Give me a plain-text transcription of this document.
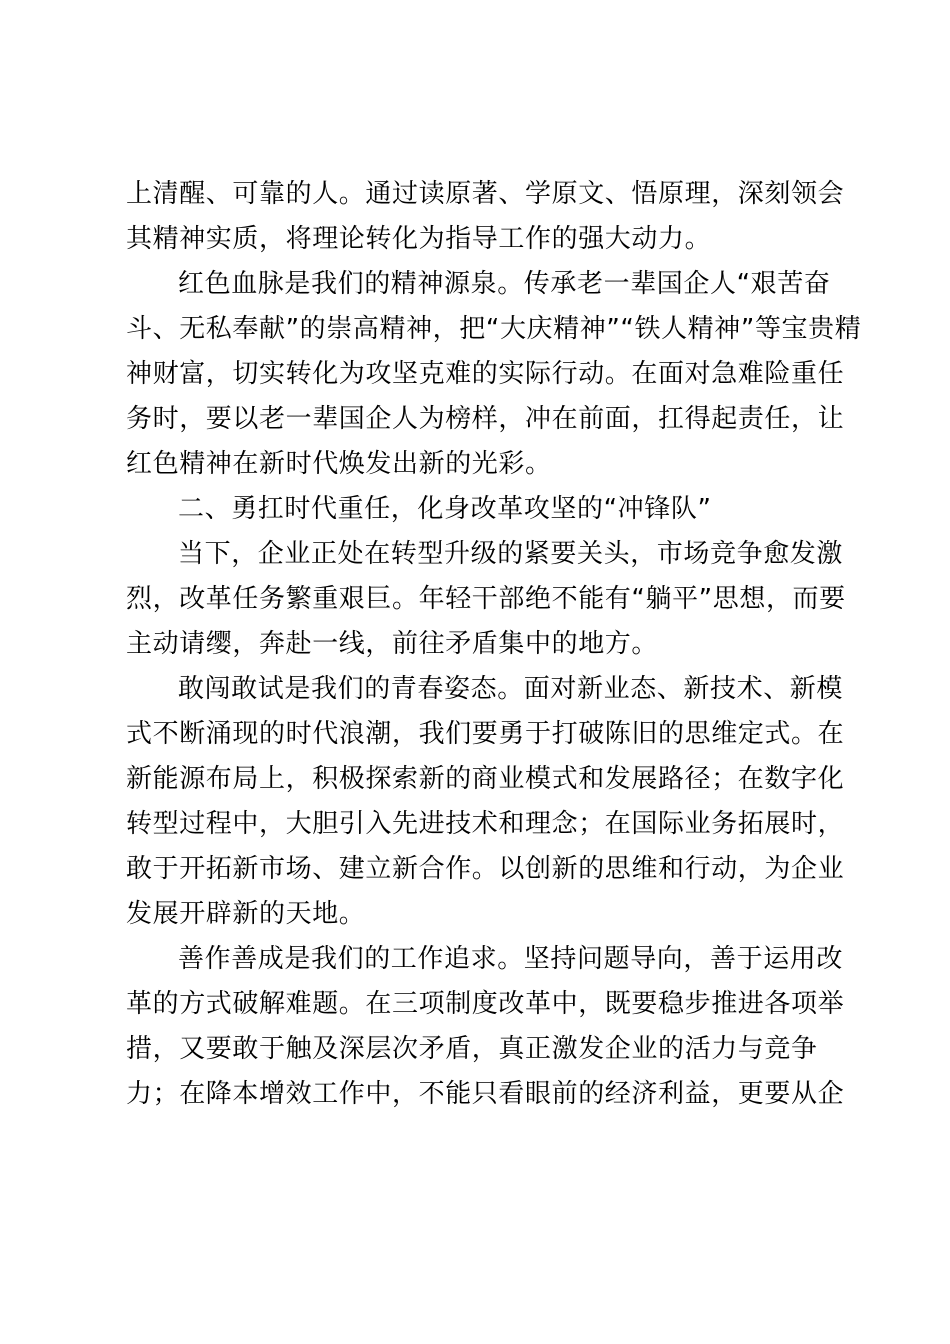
上清醒、可靠的人。通过读原著、学原文、悟原理，深刻领会
其精神实质，将理论转化为指导工作的强大动力。
红色血脉是我们的精神源泉。传承老一辈国企人“艰苦奋
斗、无私奉献”的崇高精神，把“大庆精神”“铁人精神”等宝贵精
神财富，切实转化为攻坚克难的实际行动。在面对急难险重任
务时，要以老一辈国企人为榜样，冲在前面，扛得起责任，让
红色精神在新时代焕发出新的光彩。
二、勇扛时代重任，化身改革攻坚的“冲锋队”
当下，企业正处在转型升级的紧要关头，市场竞争愈发激
烈，改革任务繁重艰巨。年轻干部绝不能有“躺平”思想，而要
主动请缨，奔赴一线，前往矛盾集中的地方。
敢闯敢试是我们的青春姿态。面对新业态、新技术、新模
式不断涌现的时代浪潮，我们要勇于打破陈旧的思维定式。在
新能源布局上，积极探索新的商业模式和发展路径；在数字化
转型过程中，大胆引入先进技术和理念；在国际业务拓展时，
敢于开拓新市场、建立新合作。以创新的思维和行动，为企业
发展开辟新的天地。
善作善成是我们的工作追求。坚持问题导向，善于运用改
革的方式破解难题。在三项制度改革中，既要稳步推进各项举
措，又要敢于触及深层次矛盾，真正激发企业的活力与竞争
力；在降本增效工作中，不能只看眼前的经济利益，更要从企
